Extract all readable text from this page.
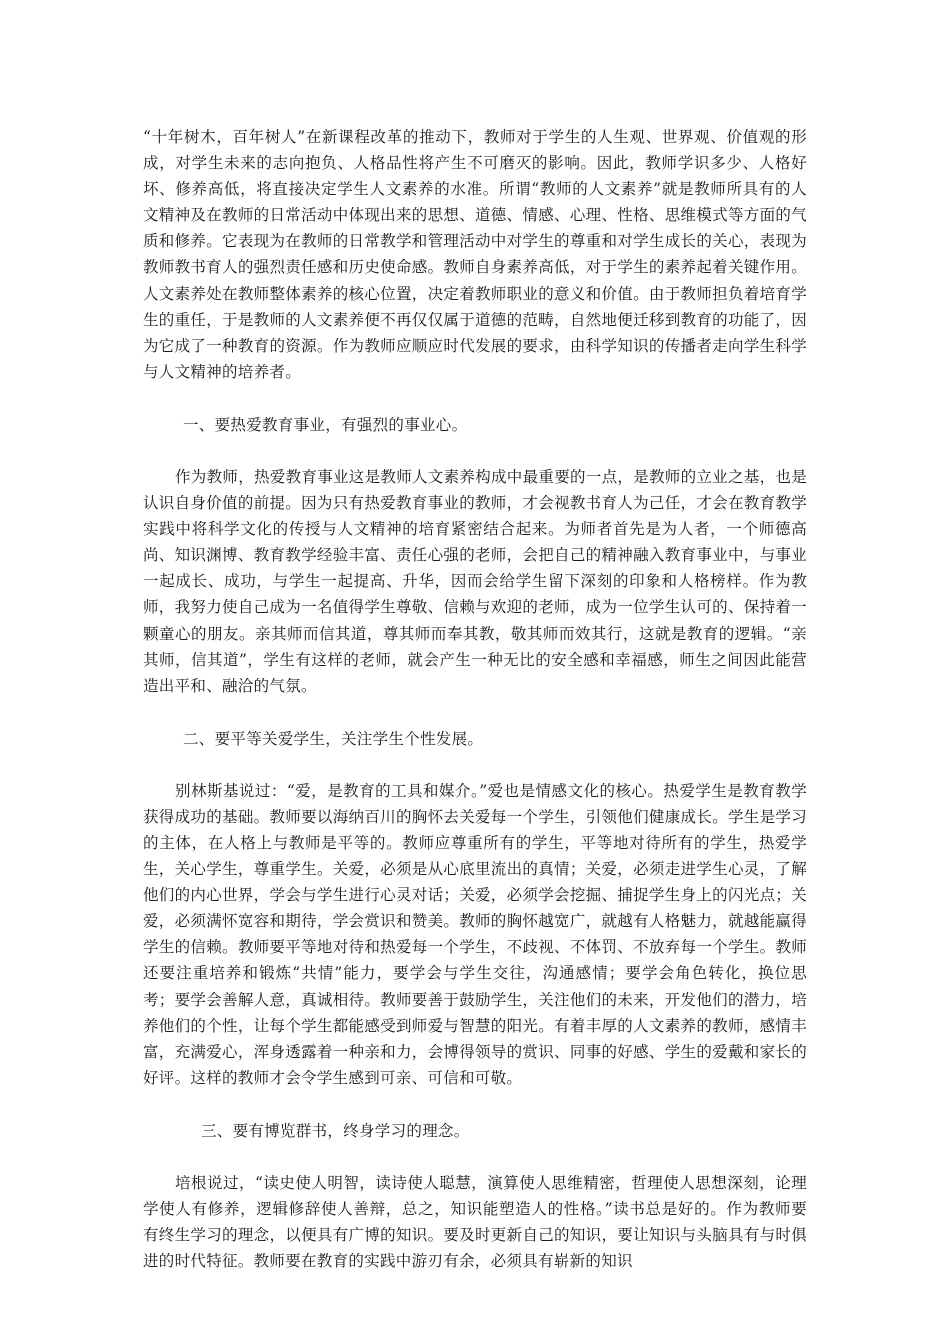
“十年树木，百年树人”在新课程改革的推动下，教师对于学生的人生观、世界观、价值观的形成，对学生未来的志向抱负、人格品性将产生不可磨灭的影响。因此，教师学识多少、人格好坏、修养高低，将直接决定学生人文素养的水准。所谓“教师的人文素养”就是教师所具有的人文精神及在教师的日常活动中体现出来的思想、道德、情感、心理、性格、思维模式等方面的气质和修养。它表现为在教师的日常教学和管理活动中对学生的尊重和对学生成长的关心，表现为教师教书育人的强烈责任感和历史使命感。教师自身素养高低，对于学生的素养起着关键作用。人文素养处在教师整体素养的核心位置，决定着教师职业的意义和价值。由于教师担负着培育学生的重任，于是教师的人文素养便不再仅仅属于道德的范畴，自然地便迁移到教育的功能了，因为它成了一种教育的资源。作为教师应顺应时代发展的要求，由科学知识的传播者走向学生科学与人文精神的培养者。

一、要热爱教育事业，有强烈的事业心。

作为教师，热爱教育事业这是教师人文素养构成中最重要的一点，是教师的立业之基，也是认识自身价值的前提。因为只有热爱教育事业的教师，才会视教书育人为己任，才会在教育教学实践中将科学文化的传授与人文精神的培育紧密结合起来。为师者首先是为人者，一个师德高尚、知识渊博、教育教学经验丰富、责任心强的老师，会把自己的精神融入教育事业中，与事业一起成长、成功，与学生一起提高、升华，因而会给学生留下深刻的印象和人格榜样。作为教师，我努力使自己成为一名值得学生尊敬、信赖与欢迎的老师，成为一位学生认可的、保持着一颗童心的朋友。亲其师而信其道，尊其师而奉其教，敬其师而效其行，这就是教育的逻辑。“亲其师，信其道”，学生有这样的老师，就会产生一种无比的安全感和幸福感，师生之间因此能营造出平和、融洽的气氛。

二、要平等关爱学生，关注学生个性发展。

别林斯基说过：“爱，是教育的工具和媒介。”爱也是情感文化的核心。热爱学生是教育教学获得成功的基础。教师要以海纳百川的胸怀去关爱每一个学生，引领他们健康成长。学生是学习的主体，在人格上与教师是平等的。教师应尊重所有的学生，平等地对待所有的学生，热爱学生，关心学生，尊重学生。关爱，必须是从心底里流出的真情；关爱，必须走进学生心灵，了解他们的内心世界，学会与学生进行心灵对话；关爱，必须学会挖掘、捕捉学生身上的闪光点；关爱，必须满怀宽容和期待，学会赏识和赞美。教师的胸怀越宽广，就越有人格魅力，就越能赢得学生的信赖。教师要平等地对待和热爱每一个学生，不歧视、不体罚、不放弃每一个学生。教师还要注重培养和锻炼“共情”能力，要学会与学生交往，沟通感情；要学会角色转化，换位思考；要学会善解人意，真诚相待。教师要善于鼓励学生，关注他们的未来，开发他们的潜力，培养他们的个性，让每个学生都能感受到师爱与智慧的阳光。有着丰厚的人文素养的教师，感情丰富，充满爱心，浑身透露着一种亲和力，会博得领导的赏识、同事的好感、学生的爱戴和家长的好评。这样的教师才会令学生感到可亲、可信和可敬。

三、要有博览群书，终身学习的理念。

培根说过，“读史使人明智，读诗使人聪慧，演算使人思维精密，哲理使人思想深刻，论理学使人有修养，逻辑修辞使人善辩，总之，知识能塑造人的性格。”读书总是好的。作为教师要有终生学习的理念，以便具有广博的知识。要及时更新自己的知识，要让知识与头脑具有与时俱进的时代特征。教师要在教育的实践中游刃有余，必须具有崭新的知识
